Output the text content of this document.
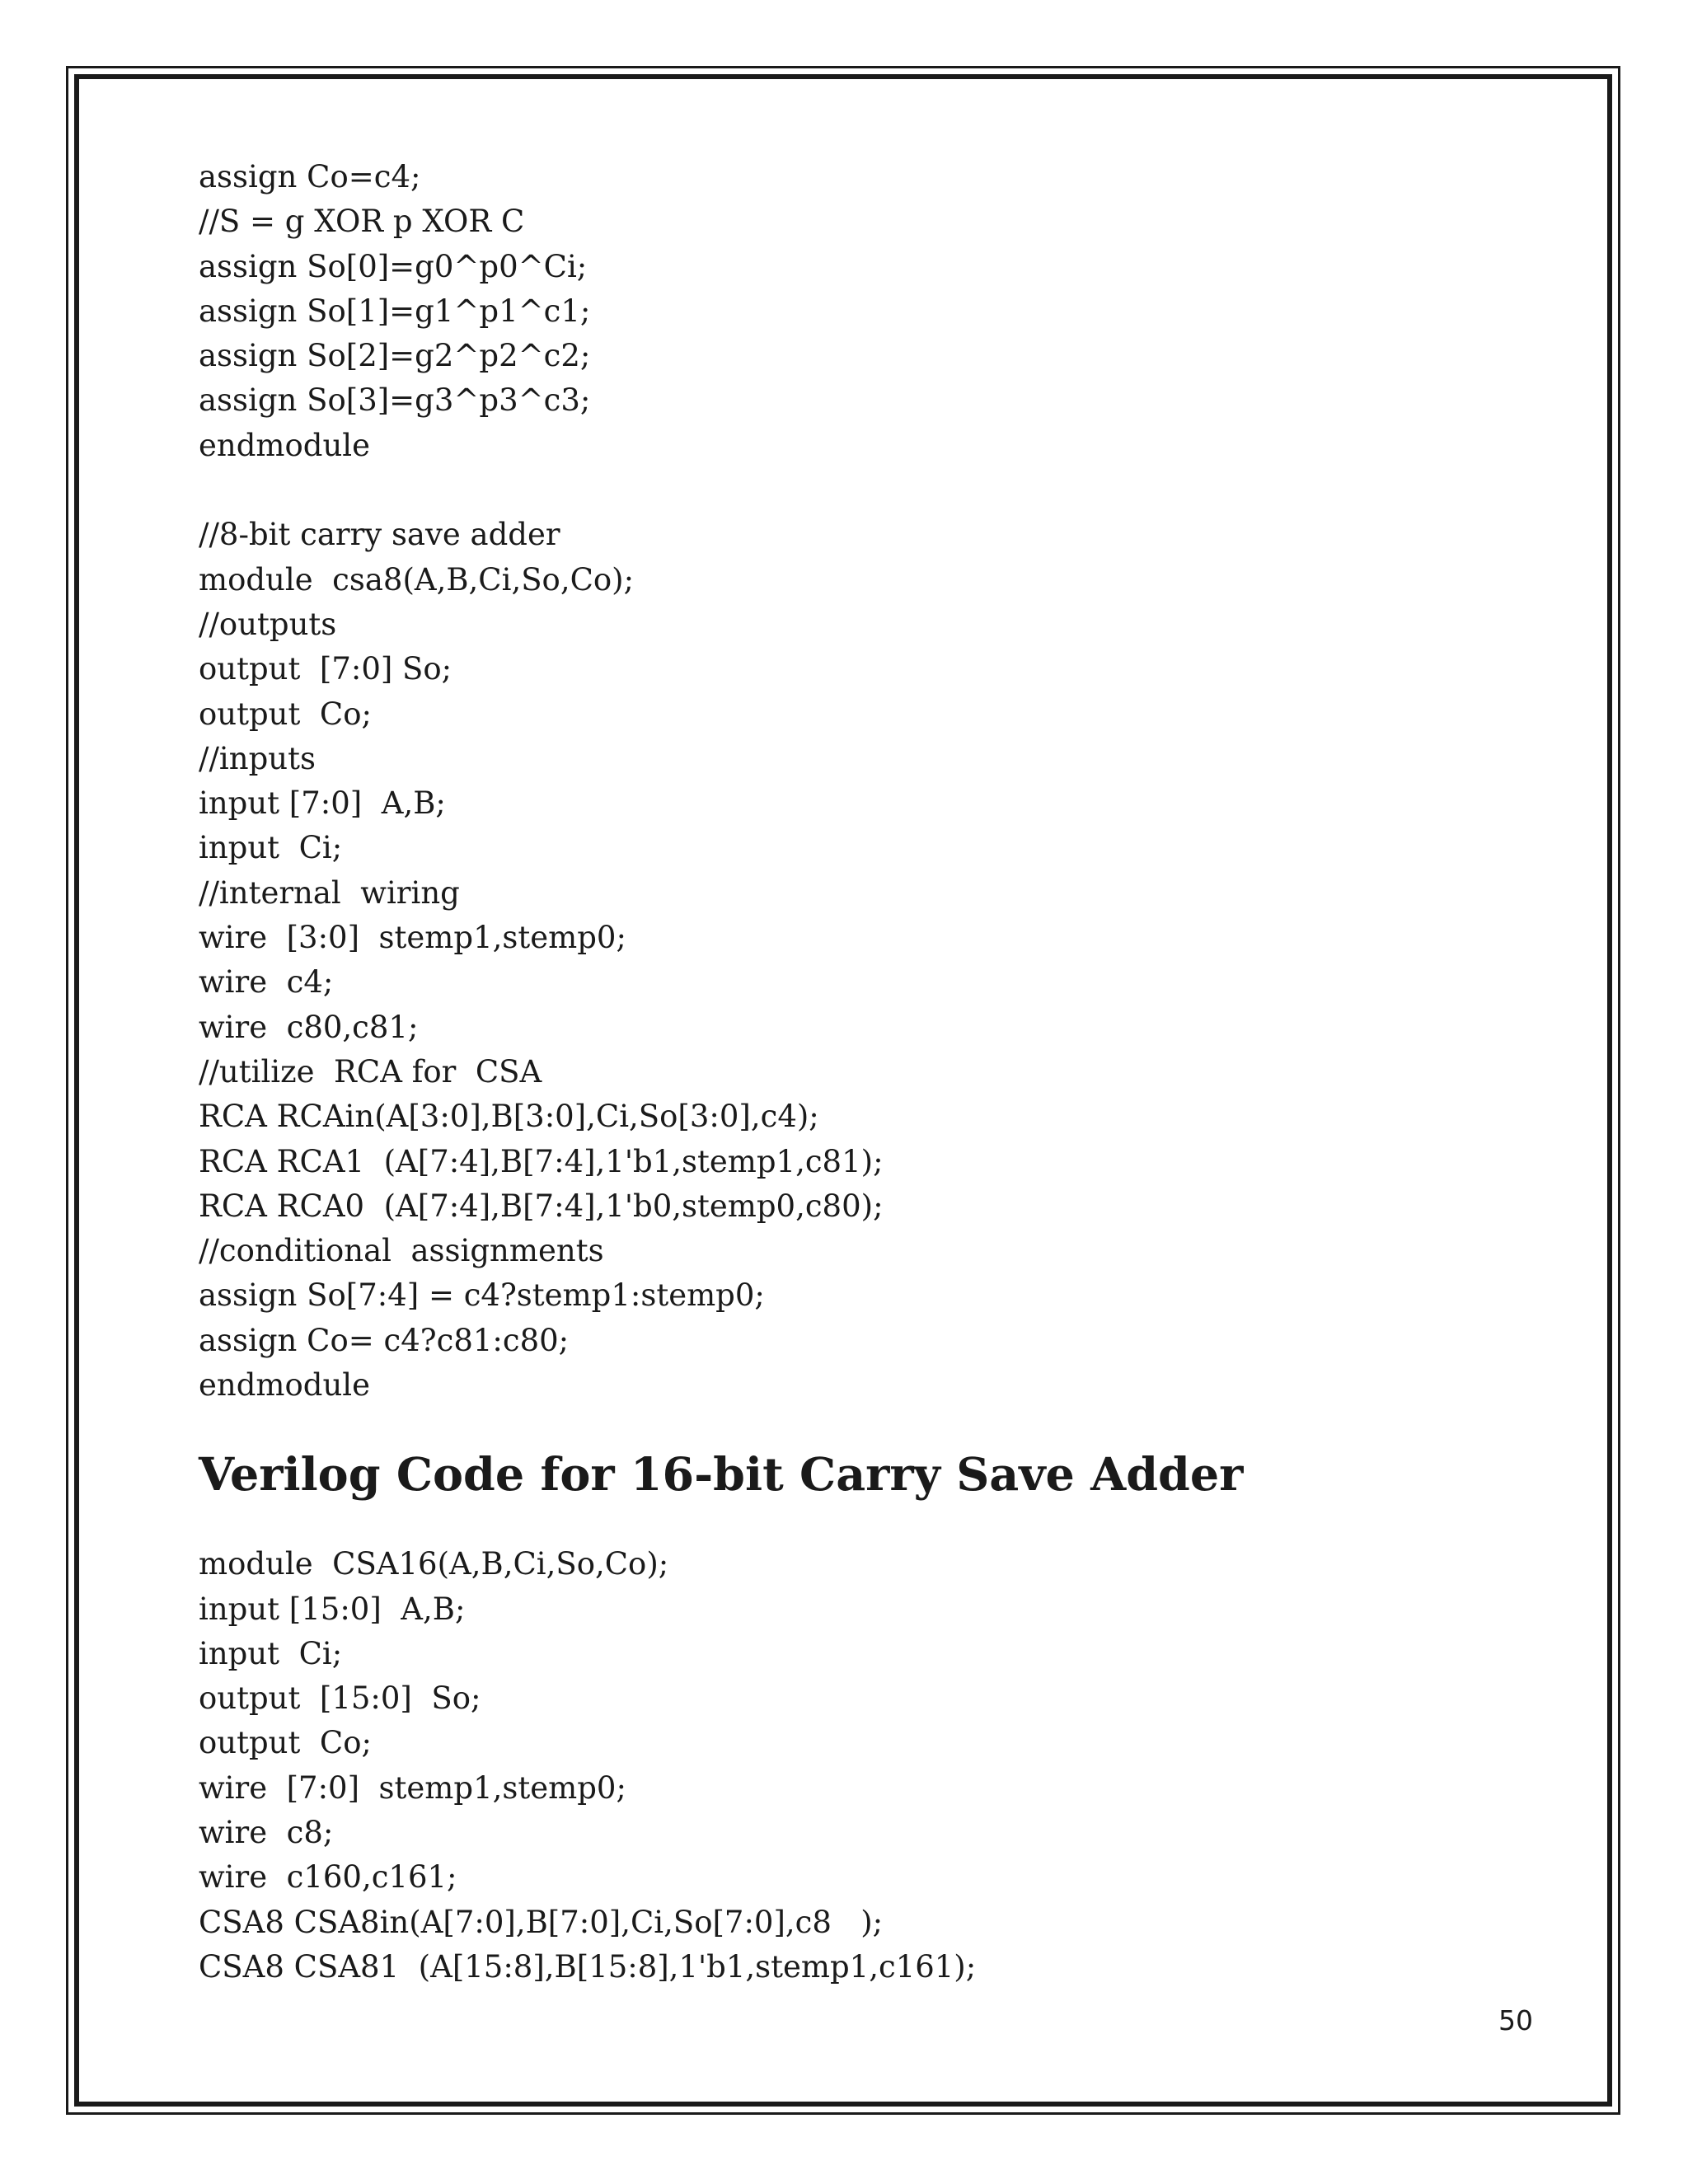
assign Co=c4;

//S = g XOR p XOR C

assign So[0]=g0^p0^Ci;

assign So[1]=g1^p1^c1;

assign So[2]=g2^p2^c2;

assign So[3]=g3^p3^c3;

endmodule

//8-bit carry save adder

module  csa8(A,B,Ci,So,Co);

//outputs

output  [7:0] So;

output  Co;

//inputs

input [7:0]  A,B;

input  Ci;

//internal  wiring

wire  [3:0]  stemp1,stemp0;

wire  c4;

wire  c80,c81;

//utilize  RCA for  CSA

RCA RCAin(A[3:0],B[3:0],Ci,So[3:0],c4);

RCA RCA1  (A[7:4],B[7:4],1'b1,stemp1,c81);

RCA RCA0  (A[7:4],B[7:4],1'b0,stemp0,c80);

//conditional  assignments

assign So[7:4] = c4?stemp1:stemp0;

assign Co= c4?c81:c80;

endmodule

Verilog Code for 16-bit Carry Save Adder

module  CSA16(A,B,Ci,So,Co);

input [15:0]  A,B;

input  Ci;

output  [15:0]  So;

output  Co;

wire  [7:0]  stemp1,stemp0;

wire  c8;

wire  c160,c161;

CSA8 CSA8in(A[7:0],B[7:0],Ci,So[7:0],c8   );

CSA8 CSA81  (A[15:8],B[15:8],1'b1,stemp1,c161);

50
